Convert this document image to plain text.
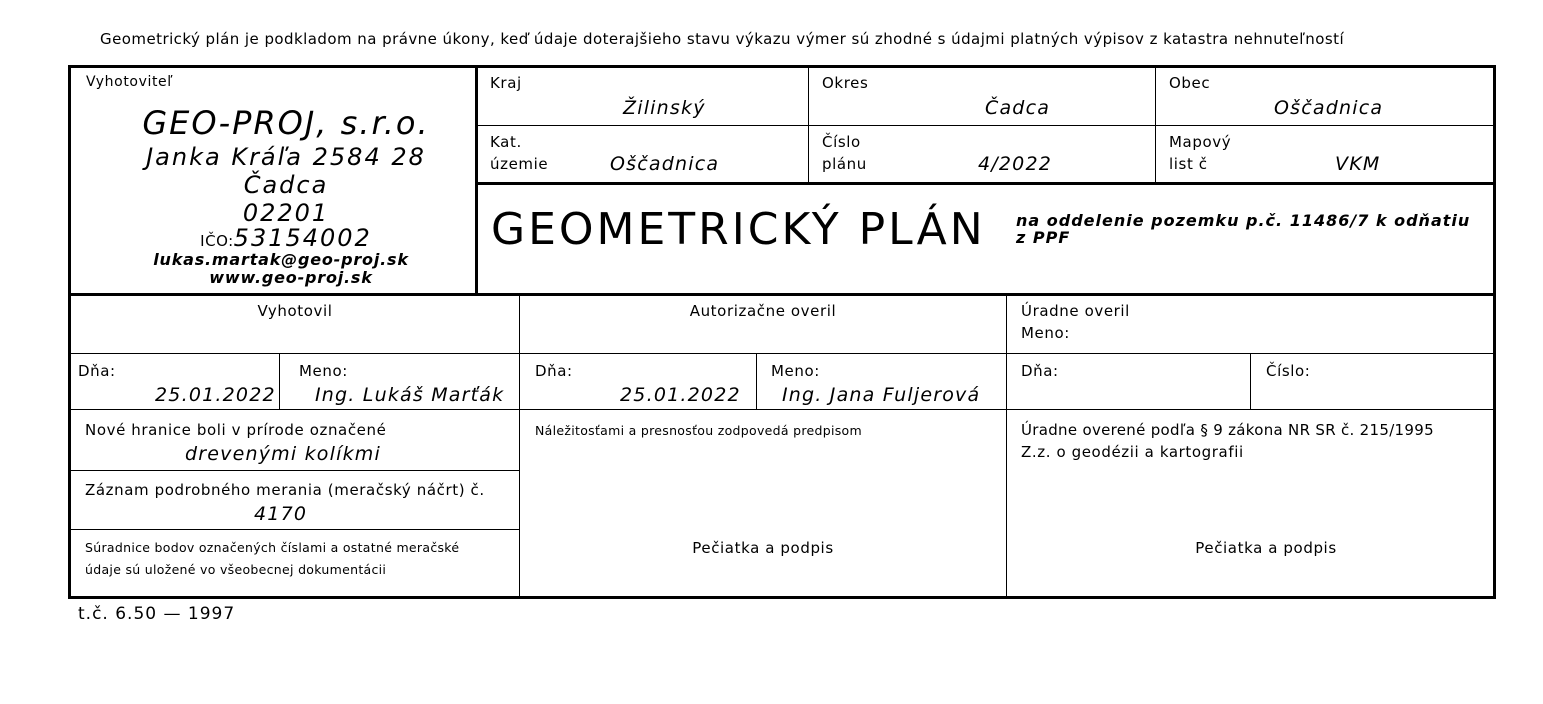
Geometrický plán je podkladom na právne úkony, keď údaje doterajšieho stavu výkazu výmer sú zhodné s údajmi platných výpisov z katastra nehnuteľností
Vyhotoviteľ
GEO-PROJ, s.r.o.
Janka Kráľa 2584 28
Čadca
02201
IČO:53154002
lukas.martak@geo-proj.sk
www.geo-proj.sk
Kraj
Žilinský
Okres
Čadca
Obec
Oščadnica
Kat.
územie	Oščadnica
Číslo
plánu	4/2022
Mapový
list č	VKM
GEOMETRICKÝ PLÁN na oddelenie pozemku p.č. 11486/7 k odňatiu
z PPF
Vyhotovil
Dňa:
25.01.2022
Meno:
Ing. Lukáš Marťák
Autorizačne overil
Dňa:
25.01.2022
Meno:
Ing. Jana Fuljerová
Úradne overil
Meno:
Dňa:	Číslo:
Nové hranice boli v prírode označené
drevenými kolíkmi
Záznam podrobného merania (meračský náčrt) č.
4170
Súradnice bodov označených číslami a ostatné meračské
údaje sú uložené vo všeobecnej dokumentácii
Náležitosťami a presnosťou zodpovedá predpisom
Pečiatka a podpis
Úradne overené podľa § 9 zákona NR SR č. 215/1995
Z.z. o geodézii a kartografii
Pečiatka a podpis
t.č. 6.50 — 1997
